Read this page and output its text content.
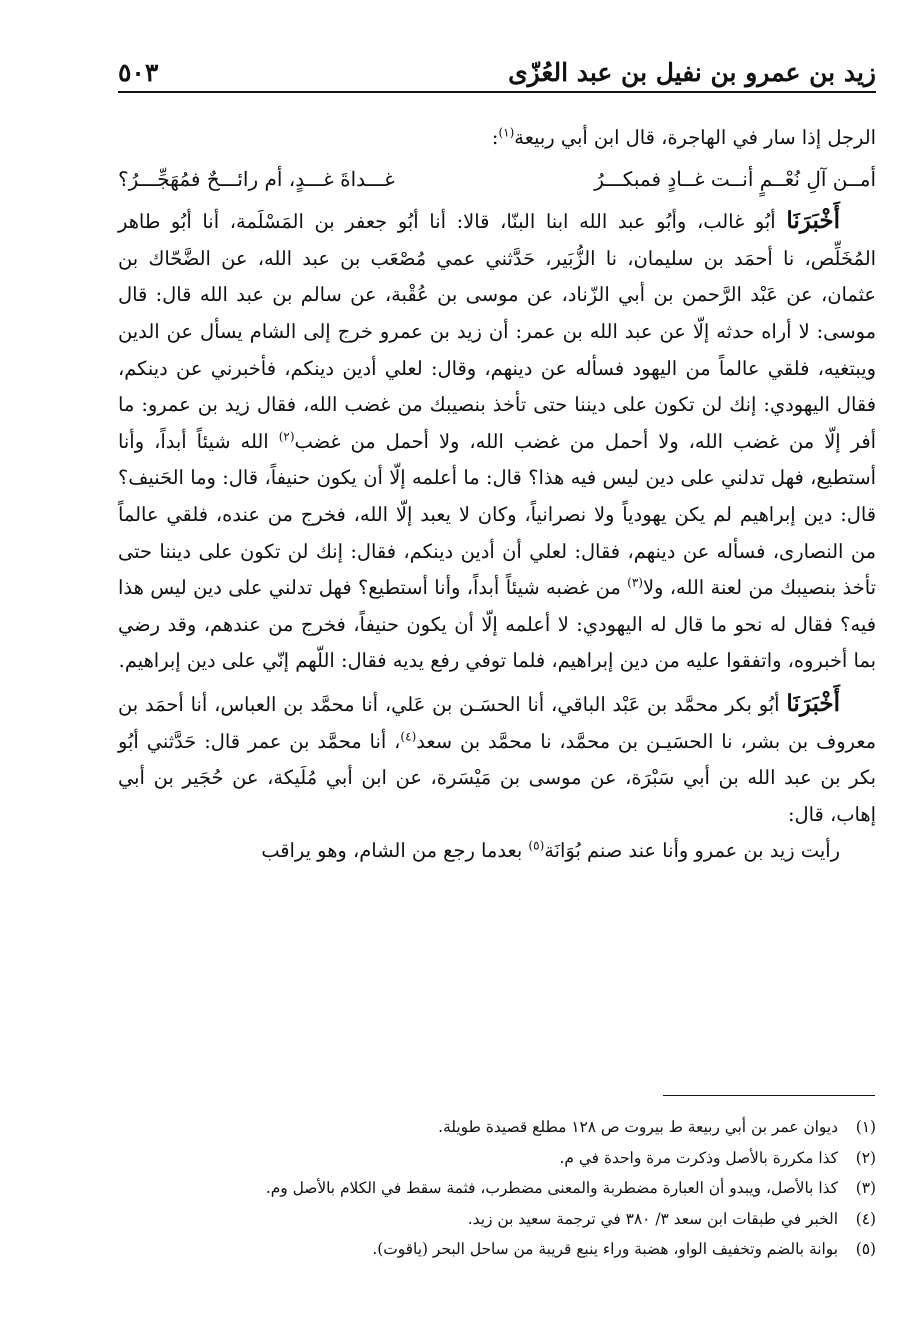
زيد بن عمرو بن نفيل بن عبد العُزّى
٥٠٣

الرجل إذا سار في الهاجرة، قال ابن أبي ربيعة$^{(١)}$:

أمــن آلِ نُعْــمٍ أنــت غــادٍ فمبكـــرُ
غـــداةَ غـــدٍ، أم رائـــحٌ فمُهَجِّـــرُ؟

أَخْبَرَنَا أبُو غالب، وأبُو عبد الله ابنا البنّا، قالا: أنا أبُو جعفر بن المَسْلَمة، أنا أبُو طاهر المُخَلِّص، نا أحمَد بن سليمان، نا الزُّبَير، حَدَّثني عمي مُصْعَب بن عبد الله، عن الضَّحّاك بن عثمان، عن عَبْد الرَّحمن بن أبي الزّناد، عن موسى بن عُقْبة، عن سالم بن عبد الله قال: قال موسى: لا أراه حدثه إلّا عن عبد الله بن عمر: أن زيد بن عمرو خرج إلى الشام يسأل عن الدين ويبتغيه، فلقي عالماً من اليهود فسأله عن دينهم، وقال: لعلي أدين دينكم، فأخبرني عن دينكم، فقال اليهودي: إنك لن تكون على ديننا حتى تأخذ بنصيبك من غضب الله، فقال زيد بن عمرو: ما أفر إلّا من غضب الله، ولا أحمل من غضب الله، ولا أحمل من غضب$^{(٢)}$ الله شيئاً أبداً، وأنا أستطيع، فهل تدلني على دين ليس فيه هذا؟ قال: ما أعلمه إلّا أن يكون حنيفاً، قال: وما الحَنيف؟ قال: دين إبراهيم لم يكن يهودياً ولا نصرانياً، وكان لا يعبد إلّا الله، فخرج من عنده، فلقي عالماً من النصارى، فسأله عن دينهم، فقال: لعلي أن أدين دينكم، فقال: إنك لن تكون على ديننا حتى تأخذ بنصيبك من لعنة الله، ولا$^{(٣)}$ من غضبه شيئاً أبداً، وأنا أستطيع؟ فهل تدلني على دين ليس هذا فيه؟ فقال له نحو ما قال له اليهودي: لا أعلمه إلّا أن يكون حنيفاً، فخرج من عندهم، وقد رضي بما أخبروه، واتفقوا عليه من دين إبراهيم، فلما توفي رفع يديه فقال: اللّهم إنّي على دين إبراهيم.

أَخْبَرَنَا أبُو بكر محمَّد بن عَبْد الباقي، أنا الحسَـن بن عَلي، أنا محمَّد بن العباس، أنا أحمَد بن معروف بن بشر، نا الحسَيـن بن محمَّد، نا محمَّد بن سعد$^{(٤)}$، أنا محمَّد بن عمر قال: حَدَّثني أبُو بكر بن عبد الله بن أبي سَبْرَة، عن موسى بن مَيْسَرة، عن ابن أبي مُلَيكة، عن حُجَير بن أبي إهاب، قال:

رأيت زيد بن عمرو وأنا عند صنم بُوَانَة$^{(٥)}$ بعدما رجع من الشام، وهو يراقب

(١)
ديوان عمر بن أبي ربيعة ط بيروت ص ١٢٨ مطلع قصيدة طويلة.
(٢)
كذا مكررة بالأصل وذكرت مرة واحدة في م.
(٣)
كذا بالأصل، ويبدو أن العبارة مضطربة والمعنى مضطرب، فثمة سقط في الكلام بالأصل وم.
(٤)
الخبر في طبقات ابن سعد ٣/ ٣٨٠ في ترجمة سعيد بن زيد.
(٥)
بوانة بالضم وتخفيف الواو، هضبة وراء ينبع قريبة من ساحل البحر (ياقوت).
